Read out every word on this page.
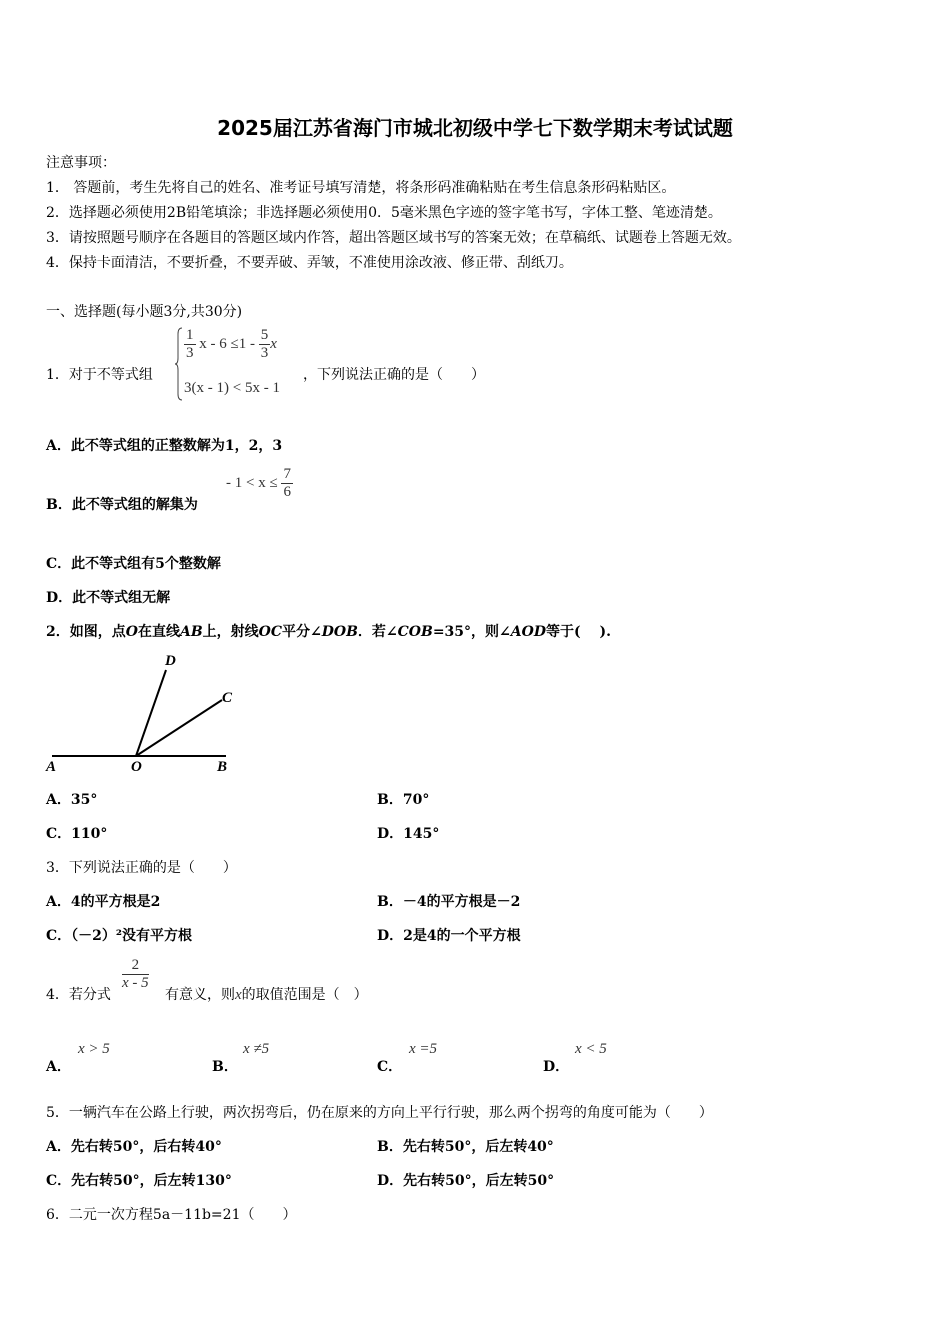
2025届江苏省海门市城北初级中学七下数学期末考试试题
注意事项：
1． 答题前，考生先将自己的姓名、准考证号填写清楚，将条形码准确粘贴在考生信息条形码粘贴区。
2．选择题必须使用2B铅笔填涂；非选择题必须使用0．5毫米黑色字迹的签字笔书写，字体工整、笔迹清楚。
3．请按照题号顺序在各题目的答题区域内作答，超出答题区域书写的答案无效；在草稿纸、试题卷上答题无效。
4．保持卡面清洁，不要折叠，不要弄破、弄皱，不准使用涂改液、修正带、刮纸刀。
一、选择题(每小题3分,共30分)
1．对于不等式组
$\frac{1}{3}$ $x - 6 \le 1 - \frac{5}{3}$ x
3(x - 1) < 5x - 1
，下列说法正确的是（　　）
A．此不等式组的正整数解为1，2，3
B．此不等式组的解集为
- $1 < x \le \frac{7}{6}$
C．此不等式组有5个整数解
D．此不等式组无解
2．如图，点O在直线AB上，射线OC平分∠DOB．若∠COB=35°，则∠AOD等于(　 ).
A	O	B
C
D
A．35°	B．70°
C．110°	D．145°
3．下列说法正确的是（　　）
A．4的平方根是2	B．－4的平方根是－2
C．（－2）²没有平方根	D．2是4的一个平方根
4．若分式
$\frac{2}{x - 5}$
有意义，则x的取值范围是（　）
A．
x > 5
B．
x ≠5
C．
x =5
D．
x < 5
5．一辆汽车在公路上行驶，两次拐弯后，仍在原来的方向上平行行驶，那么两个拐弯的角度可能为（　　）
A．先右转50°，后右转40°	B．先右转50°，后左转40°
C．先右转50°，后左转130°	D．先右转50°，后左转50°
6．二元一次方程5a－11b=21（　　）
